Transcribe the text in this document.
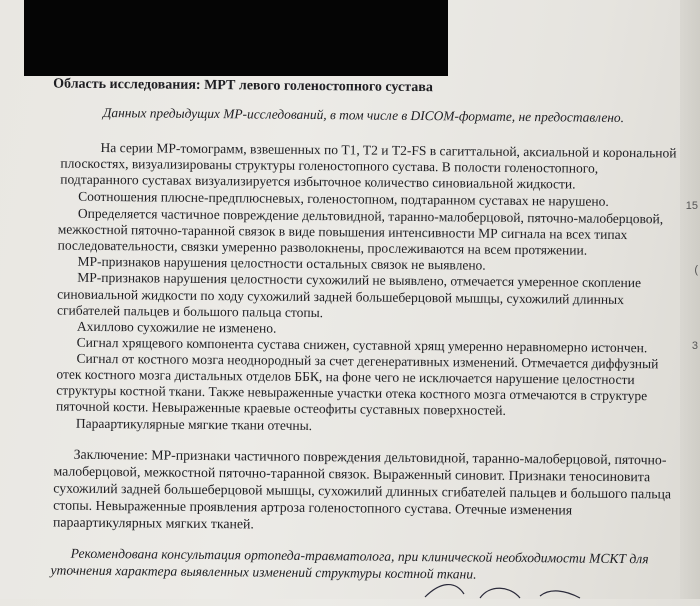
15
(
3
Область исследования: МРТ левого голеностопного сустава
Данных предыдущих МР-исследований, в том числе в DICOM-формате, не предоставлено.
На серии МР-томограмм, взвешенных по T1, T2 и T2-FS в сагиттальной, аксиальной и корональной
плоскостях, визуализированы структуры голеностопного сустава. В полости голеностопного,
подтаранного суставах визуализируется избыточное количество синовиальной жидкости.
Соотношения плюсне-предплюсневых, голеностопном, подтаранном суставах не нарушено.
Определяется частичное повреждение дельтовидной, таранно-малоберцовой, пяточно-малоберцовой,
межкостной пяточно-таранной связок в виде повышения интенсивности МР сигнала на всех типах
последовательности, связки умеренно разволокнены, прослеживаются на всем протяжении.
МР-признаков нарушения целостности остальных связок не выявлено.
МР-признаков нарушения целостности сухожилий не выявлено, отмечается умеренное скопление
синовиальной жидкости по ходу сухожилий задней большеберцовой мышцы, сухожилий длинных
сгибателей пальцев и большого пальца стопы.
Ахиллово сухожилие не изменено.
Сигнал хрящевого компонента сустава снижен, суставной хрящ умеренно неравномерно истончен.
Сигнал от костного мозга неоднородный за счет дегенеративных изменений. Отмечается диффузный
отек костного мозга дистальных отделов ББК, на фоне чего не исключается нарушение целостности
структуры костной ткани. Также невыраженные участки отека костного мозга отмечаются в структуре
пяточной кости. Невыраженные краевые остеофиты суставных поверхностей.
Параартикулярные мягкие ткани отечны.
Заключение: МР-признаки частичного повреждения дельтовидной, таранно-малоберцовой, пяточно-
малоберцовой, межкостной пяточно-таранной связок. Выраженный синовит. Признаки теносиновита
сухожилий задней большеберцовой мышцы, сухожилий длинных сгибателей пальцев и большого пальца
стопы. Невыраженные проявления артроза голеностопного сустава. Отечные изменения
параартикулярных мягких тканей.
Рекомендована консультация ортопеда-травматолога, при клинической необходимости МСКТ для
уточнения характера выявленных изменений структуры костной ткани.
